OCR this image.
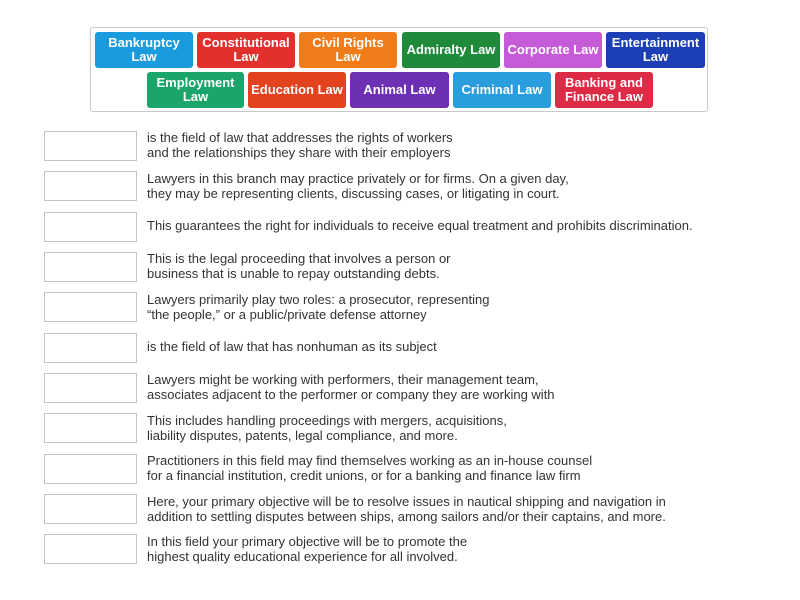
Bankruptcy Law
Constitutional Law
Civil Rights Law	Admiralty Law Corporate Law	Entertainment Law
Employment Law	Education Law	Animal Law	Criminal Law	Banking and Finance Law
is the field of law that addresses the rights of workers
and the relationships they share with their employers
Lawyers in this branch may practice privately or for firms. On a given day,
they may be representing clients, discussing cases, or litigating in court.
This guarantees the right for individuals to receive equal treatment and prohibits discrimination.
This is the legal proceeding that involves a person or
business that is unable to repay outstanding debts.
Lawyers primarily play two roles: a prosecutor, representing
“the people,” or a public/private defense attorney
is the field of law that has nonhuman as its subject
Lawyers might be working with performers, their management team,
associates adjacent to the performer or company they are working with
This includes handling proceedings with mergers, acquisitions,
liability disputes, patents, legal compliance, and more.
Practitioners in this field may find themselves working as an in-house counsel
for a financial institution, credit unions, or for a banking and finance law firm
Here, your primary objective will be to resolve issues in nautical shipping and navigation in
addition to settling disputes between ships, among sailors and/or their captains, and more.
In this field your primary objective will be to promote the
highest quality educational experience for all involved.
